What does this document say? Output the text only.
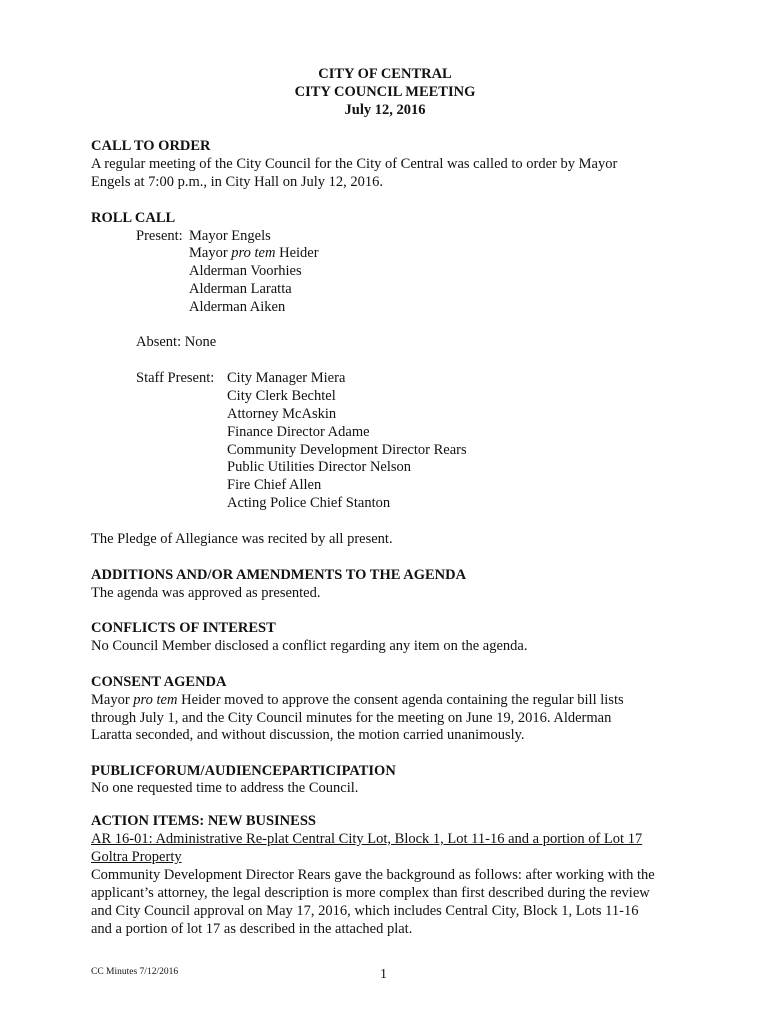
CITY OF CENTRAL
CITY COUNCIL MEETING
July 12, 2016
CALL TO ORDER
A regular meeting of the City Council for the City of Central was called to order by Mayor
Engels at 7:00 p.m., in City Hall on July 12, 2016.
ROLL CALL
Present: Mayor Engels
Mayor pro tem Heider
Alderman Voorhies
Alderman Laratta
Alderman Aiken
Absent: None
Staff Present: City Manager Miera
City Clerk Bechtel
Attorney McAskin
Finance Director Adame
Community Development Director Rears
Public Utilities Director Nelson
Fire Chief Allen
Acting Police Chief Stanton
The Pledge of Allegiance was recited by all present.
ADDITIONS AND/OR AMENDMENTS TO THE AGENDA
The agenda was approved as presented.
CONFLICTS OF INTEREST
No Council Member disclosed a conflict regarding any item on the agenda.
CONSENT AGENDA
Mayor pro tem Heider moved to approve the consent agenda containing the regular bill lists
through July 1, and the City Council minutes for the meeting on June 19, 2016. Alderman
Laratta seconded, and without discussion, the motion carried unanimously.
PUBLICFORUM/AUDIENCEPARTICIPATION
No one requested time to address the Council.
ACTION ITEMS: NEW BUSINESS
AR 16-01: Administrative Re-plat Central City Lot, Block 1, Lot 11-16 and a portion of Lot 17
Goltra Property
Community Development Director Rears gave the background as follows: after working with the
applicant’s attorney, the legal description is more complex than first described during the review
and City Council approval on May 17, 2016, which includes Central City, Block 1, Lots 11-16
and a portion of lot 17 as described in the attached plat.
CC Minutes 7/12/2016	1
